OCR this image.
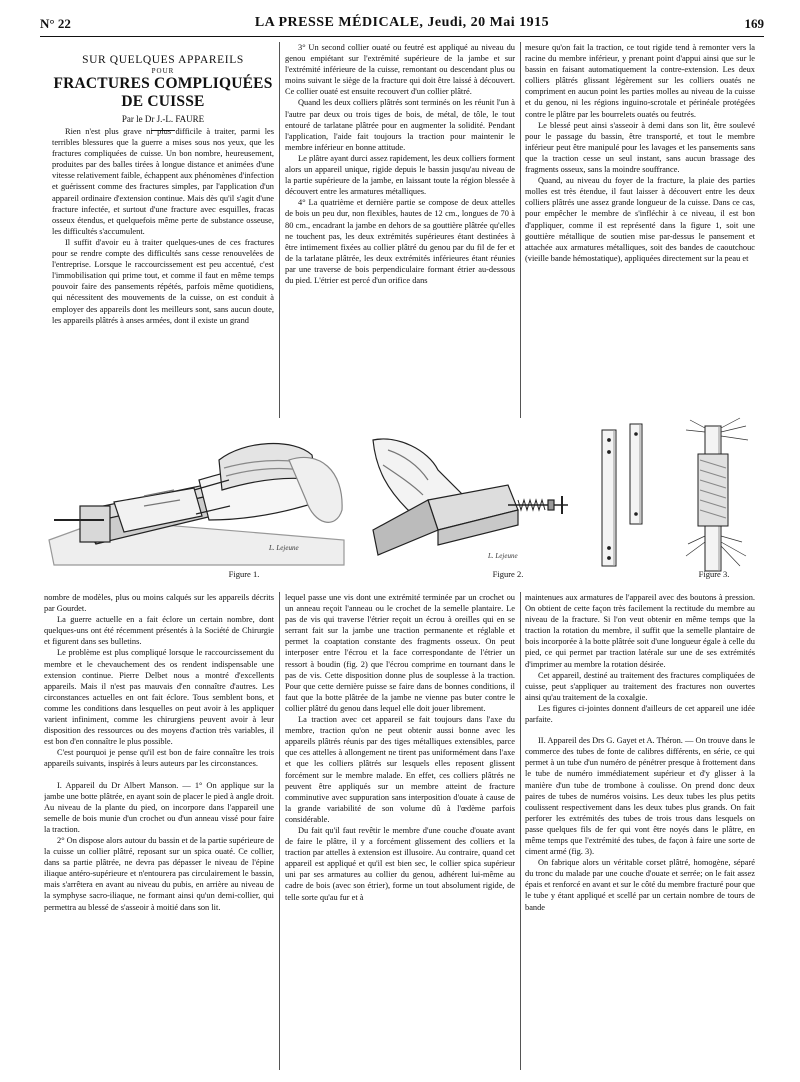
N° 22	LA PRESSE MÉDICALE, Jeudi, 20 Mai 1915	169
SUR QUELQUES APPAREILS
POUR
FRACTURES COMPLIQUÉES DE CUISSE
Par le Dr J.-L. FAURE

Rien n'est plus grave ni plus difficile à traiter, parmi les terribles blessures que la guerre a mises sous nos yeux, que les fractures compliquées de cuisse. Un bon nombre, heureusement, produites par des balles tirées à longue distance et animées d'une vitesse relativement faible, échappent aux phénomènes d'infection et guérissent comme des fractures simples, par l'application d'un appareil ordinaire d'extension continue. Mais dès qu'il s'agit d'une fracture infectée, et surtout d'une fracture avec esquilles, fracas osseux étendus, et quelquefois même perte de substance osseuse, les difficultés s'accumulent.

Il suffit d'avoir eu à traiter quelques-unes de ces fractures pour se rendre compte des difficultés sans cesse renouvelées de l'entreprise. Lorsque le raccourcissement est peu accentué, c'est l'immobilisation qui prime tout, et comme il faut en même temps pouvoir faire des pansements répétés, parfois même quotidiens, qui nécessitent des mouvements de la cuisse, on est conduit à employer des appareils dont les meilleurs sont, sans aucun doute, les appareils plâtrés à anses armées, dont il existe un grand

3° Un second collier ouaté ou feutré est appliqué au niveau du genou empiétant sur l'extrémité supérieure de la jambe et sur l'extrémité inférieure de la cuisse, remontant ou descendant plus ou moins suivant le siège de la fracture qui doit être laissé à découvert. Ce collier ouaté est ensuite recouvert d'un collier plâtré.

Quand les deux colliers plâtrés sont terminés on les réunit l'un à l'autre par deux ou trois tiges de bois, de métal, de tôle, le tout entouré de tarlatane plâtrée pour en augmenter la solidité. Pendant l'application, l'aide fait toujours la traction pour maintenir le membre inférieur en bonne attitude.

Le plâtre ayant durci assez rapidement, les deux colliers forment alors un appareil unique, rigide depuis le bassin jusqu'au niveau de la partie supérieure de la jambe, en laissant toute la région blessée à découvert entre les armatures métalliques.

4° La quatrième et dernière partie se compose de deux attelles de bois un peu dur, non flexibles, hautes de 12 cm., longues de 70 à 80 cm., encadrant la jambe en dehors de sa gouttière plâtrée qu'elles ne touchent pas, les deux extrémités supérieures étant destinées à être intimement fixées au collier plâtré du genou par du fil de fer et de la tarlatane plâtrée, les deux extrémités inférieures étant réunies par une traverse de bois perpendiculaire formant étrier au-dessous du pied. L'étrier est percé d'un orifice dans

mesure qu'on fait la traction, ce tout rigide tend à remonter vers la racine du membre inférieur, y prenant point d'appui ainsi que sur le bassin en faisant automatiquement la contre-extension. Les deux colliers plâtrés glissant légèrement sur les colliers ouatés ne compriment en aucun point les parties molles au niveau de la cuisse et du genou, ni les régions inguino-scrotale et périnéale protégées contre le plâtre par les bourrelets ouatés ou feutrés.

Le blessé peut ainsi s'asseoir à demi dans son lit, être soulevé pour le passage du bassin, être transporté, et tout le membre inférieur peut être manipulé pour les lavages et les pansements sans que la traction cesse un seul instant, sans aucun brassage des fragments osseux, sans la moindre souffrance.

Quand, au niveau du foyer de la fracture, la plaie des parties molles est très étendue, il faut laisser à découvert entre les deux colliers plâtrés une assez grande longueur de la cuisse. Dans ce cas, pour empêcher le membre de s'infléchir à ce niveau, il est bon d'appliquer, comme il est représenté dans la figure 1, soit une gouttière métallique de soutien mise par-dessus le pansement et attachée aux armatures métalliques, soit des bandes de caoutchouc (vieille bande hémostatique), appliquées directement sur la peau et

L. Lejeune
Figure 1.
L. Lejeune
Figure 2.	Figure 3.

nombre de modèles, plus ou moins calqués sur les appareils décrits par Gourdet.

La guerre actuelle en a fait éclore un certain nombre, dont quelques-uns ont été récemment présentés à la Société de Chirurgie et figurent dans ses bulletins.

Le problème est plus compliqué lorsque le raccourcissement du membre et le chevauchement des os rendent indispensable une extension continue. Pierre Delbet nous a montré d'excellents appareils. Mais il n'est pas mauvais d'en connaître d'autres. Les circonstances actuelles en ont fait éclore. Tous semblent bons, et comme les conditions dans lesquelles on peut avoir à les appliquer varient infiniment, comme les chirurgiens peuvent avoir à leur disposition des ressources ou des moyens d'action très variables, il est bon d'en connaître le plus possible.

C'est pourquoi je pense qu'il est bon de faire connaître les trois appareils suivants, inspirés à leurs auteurs par les circonstances.

I. Appareil du Dr Albert Manson. — 1° On applique sur la jambe une botte plâtrée, en ayant soin de placer le pied à angle droit. Au niveau de la plante du pied, on incorpore dans l'appareil une semelle de bois munie d'un crochet ou d'un anneau vissé pour faire la traction.

2° On dispose alors autour du bassin et de la partie supérieure de la cuisse un collier plâtré, reposant sur un spica ouaté. Ce collier, dans sa partie plâtrée, ne devra pas dépasser le niveau de l'épine iliaque antéro-supérieure et n'entourera pas circulairement le bassin, mais s'arrêtera en avant au niveau du pubis, en arrière au niveau de la symphyse sacro-iliaque, ne formant ainsi qu'un demi-collier, qui permettra au blessé de s'asseoir à moitié dans son lit.

lequel passe une vis dont une extrémité terminée par un crochet ou un anneau reçoit l'anneau ou le crochet de la semelle plantaire. Le pas de vis qui traverse l'étrier reçoit un écrou à oreilles qui en se serrant fait sur la jambe une traction permanente et réglable et permet la coaptation constante des fragments osseux. On peut interposer entre l'écrou et la face correspondante de l'étrier un ressort à boudin (fig. 2) que l'écrou comprime en tournant dans le pas de vis. Cette disposition donne plus de souplesse à la traction. Pour que cette dernière puisse se faire dans de bonnes conditions, il faut que la botte plâtrée de la jambe ne vienne pas buter contre le collier plâtré du genou dans lequel elle doit jouer librement.

La traction avec cet appareil se fait toujours dans l'axe du membre, traction qu'on ne peut obtenir aussi bonne avec les appareils plâtrés réunis par des tiges métalliques extensibles, parce que ces attelles à allongement ne tirent pas uniformément dans l'axe et que les colliers plâtrés sur lesquels elles reposent glissent forcément sur le membre malade. En effet, ces colliers plâtrés ne peuvent être appliqués sur un membre atteint de fracture comminutive avec suppuration sans interposition d'ouate à cause de la grande variabilité de son volume dû à l'œdème parfois considérable.

Du fait qu'il faut revêtir le membre d'une couche d'ouate avant de faire le plâtre, il y a forcément glissement des colliers et la traction par attelles à extension est illusoire. Au contraire, quand cet appareil est appliqué et qu'il est bien sec, le collier spica supérieur uni par ses armatures au collier du genou, adhérent lui-même au cadre de bois (avec son étrier), forme un tout absolument rigide, de telle sorte qu'au fur et à

maintenues aux armatures de l'appareil avec des boutons à pression. On obtient de cette façon très facilement la rectitude du membre au niveau de la fracture. Si l'on veut obtenir en même temps que la traction la rotation du membre, il suffit que la semelle plantaire de bois incorporée à la botte plâtrée soit d'une longueur égale à celle du pied, ce qui permet par traction latérale sur une de ses extrémités d'imprimer au membre la rotation désirée.

Cet appareil, destiné au traitement des fractures compliquées de cuisse, peut s'appliquer au traitement des fractures non ouvertes ainsi qu'au traitement de la coxalgie.

Les figures ci-jointes donnent d'ailleurs de cet appareil une idée parfaite.

II. Appareil des Drs G. Gayet et A. Théron. — On trouve dans le commerce des tubes de fonte de calibres différents, en série, ce qui permet à un tube d'un numéro de pénétrer presque à frottement dans le tube de numéro immédiatement supérieur et d'y glisser à la manière d'un tube de trombone à coulisse. On prend donc deux paires de tubes de numéros voisins. Les deux tubes les plus petits coulissent respectivement dans les deux tubes plus grands. On fait perforer les extrémités des tubes de trois trous dans lesquels on passe quelques fils de fer qui vont être noyés dans le plâtre, en même temps que l'extrémité des tubes, de façon à faire une sorte de ciment armé (fig. 3).

On fabrique alors un véritable corset plâtré, homogène, séparé du tronc du malade par une couche d'ouate et serrée; on le fait assez épais et renforcé en avant et sur le côté du membre fracturé pour que le tube y étant appliqué et scellé par un certain nombre de tours de bande
